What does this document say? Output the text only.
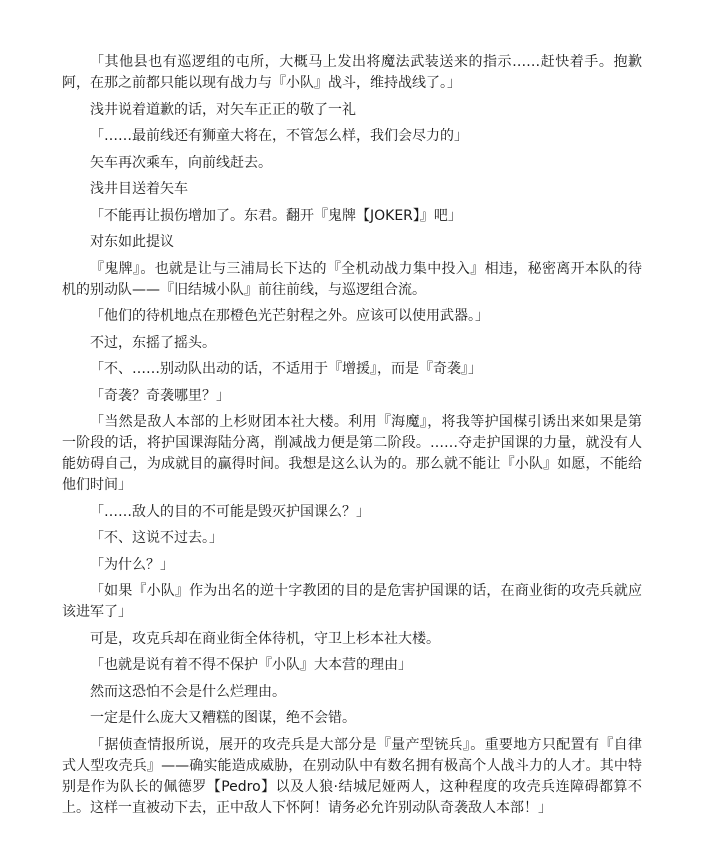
「其他县也有巡逻组的屯所，大概马上发出将魔法武装送来的指示……赶快着手。抱歉阿，在那之前都只能以现有战力与『小队』战斗，维持战线了。」

浅井说着道歉的话，对矢车正正的敬了一礼

「……最前线还有狮童大将在，不管怎么样，我们会尽力的」

矢车再次乘车，向前线赶去。

浅井目送着矢车

「不能再让损伤增加了。东君。翻开『鬼牌【JOKER】』吧」

对东如此提议

『鬼牌』。也就是让与三浦局长下达的『全机动战力集中投入』相违，秘密离开本队的待机的别动队——『旧结城小队』前往前线，与巡逻组合流。

「他们的待机地点在那橙色光芒射程之外。应该可以使用武器。」

不过，东摇了摇头。

「不、……别动队出动的话，不适用于『增援』，而是『奇袭』」

「奇袭？奇袭哪里？」

「当然是敌人本部的上杉财团本社大楼。利用『海魔』，将我等护国楳引诱出来如果是第一阶段的话，将护国课海陆分离，削减战力便是第二阶段。……夺走护国课的力量，就没有人能妨碍自己，为成就目的赢得时间。我想是这么认为的。那么就不能让『小队』如愿，不能给他们时间」

「……敌人的目的不可能是毁灭护国课么？」

「不、这说不过去。」

「为什么？」

「如果『小队』作为出名的逆十字教团的目的是危害护国课的话，在商业街的攻壳兵就应该进军了」

可是，攻克兵却在商业街全体待机，守卫上杉本社大楼。

「也就是说有着不得不保护『小队』大本营的理由」

然而这恐怕不会是什么烂理由。

一定是什么庞大又糟糕的图谋，绝不会错。

「据侦查情报所说，展开的攻壳兵是大部分是『量产型铳兵』。重要地方只配置有『自律式人型攻壳兵』——确实能造成威胁，在别动队中有数名拥有极高个人战斗力的人才。其中特别是作为队长的佩德罗【Pedro】以及人狼·结城尼娅两人，这种程度的攻壳兵连障碍都算不上。这样一直被动下去，正中敌人下怀阿！请务必允许别动队奇袭敌人本部！」
